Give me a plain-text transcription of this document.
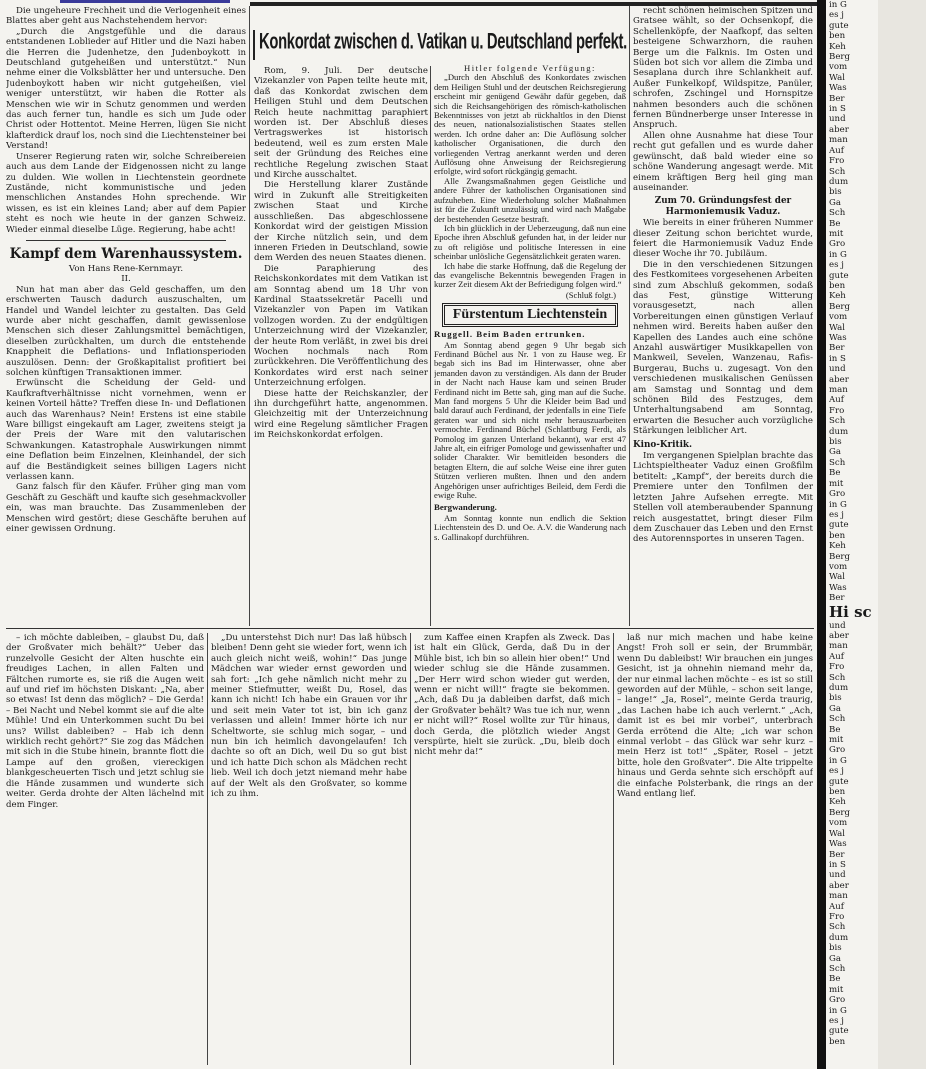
Konkordat zwischen d. Vatikan u. Deutschland perfekt.

Die ungeheure Frechheit und die Verlogenheit eines Blattes aber geht aus Nachstehendem hervor:

„Durch die Angstgefühle und die daraus entstandenen Loblieder auf Hitler und die Nazi haben die Herren die Judenhetze, den Judenboykott in Deutschland gutgeheißen und unterstützt.“ Nun nehme einer die Volksblätter her und untersuche. Den Judenboykott haben wir nicht gutgeheißen, viel weniger unterstützt, wir haben die Rotter als Menschen wie wir in Schutz genommen und werden das auch ferner tun, handle es sich um Jude oder Christ oder Hottentot. Meine Herren, lügen Sie nicht klafterdick drauf los, noch sind die Liechtensteiner bei Verstand!

Unserer Regierung raten wir, solche Schreibereien auch aus dem Lande der Eidgenossen nicht zu lange zu dulden. Wie wollen in Liechtenstein geordnete Zustände, nicht kommunistische und jeden menschlichen Anstandes Hohn sprechende. Wir wissen, es ist ein kleines Land; aber auf dem Papier steht es noch wie heute in der ganzen Schweiz. Wieder einmal dieselbe Lüge. Regierung, habe acht!

Kampf dem Warenhaussystem.
Von Hans Rene-Kernmayr.
II.

Nun hat man aber das Geld geschaffen, um den erschwerten Tausch dadurch auszuschalten, um Handel und Wandel leichter zu gestalten. Das Geld wurde aber nicht geschaffen, damit gewissenlose Menschen sich dieser Zahlungsmittel bemächtigen, dieselben zurückhalten, um durch die entstehende Knappheit die Deflations- und Inflationsperioden auszulösen. Denn: der Großkapitalist profitiert bei solchen künftigen Transaktionen immer.

Erwünscht die Scheidung der Geld- und Kaufkraftverhältnisse nicht vornehmen, wenn er keinen Vorteil hätte? Treffen diese In- und Deflationen auch das Warenhaus? Nein! Erstens ist eine stabile Ware billigst eingekauft am Lager, zweitens steigt ja der Preis der Ware mit den valutarischen Schwankungen. Katastrophale Auswirkungen nimmt eine Deflation beim Einzelnen, Kleinhandel, der sich auf die Beständigkeit seines billigen Lagers nicht verlassen kann.

Ganz falsch für den Käufer. Früher ging man vom Geschäft zu Geschäft und kaufte sich gesehmackvoller ein, was man brauchte. Das Zusammenleben der Menschen wird gestört; diese Geschäfte beruhen auf einer gewissen Ordnung.

Rom, 9. Juli. Der deutsche Vizekanzler von Papen teilte heute mit, daß das Konkordat zwischen dem Heiligen Stuhl und dem Deutschen Reich heute nachmittag paraphiert worden ist. Der Abschluß dieses Vertragswerkes ist historisch bedeutend, weil es zum ersten Male seit der Gründung des Reiches eine rechtliche Regelung zwischen Staat und Kirche ausschaltet.

Die Herstellung klarer Zustände wird in Zukunft alle Streitigkeiten zwischen Staat und Kirche ausschließen. Das abgeschlossene Konkordat wird der geistigen Mission der Kirche nützlich sein, und dem inneren Frieden in Deutschland, sowie dem Werden des neuen Staates dienen.

Die Paraphierung des Reichskonkordates mit dem Vatikan ist am Sonntag abend um 18 Uhr von Kardinal Staatssekretär Pacelli und Vizekanzler von Papen im Vatikan vollzogen worden. Zu der endgültigen Unterzeichnung wird der Vizekanzler, der heute Rom verläßt, in zwei bis drei Wochen nochmals nach Rom zurückkehren. Die Veröffentlichung des Konkordates wird erst nach seiner Unterzeichnung erfolgen.

Diese hatte der Reichskanzler, der ihn durchgeführt hatte, angenommen. Gleichzeitig mit der Unterzeichnung wird eine Regelung sämtlicher Fragen im Reichskonkordat erfolgen.

Hitler folgende Verfügung:

„Durch den Abschluß des Konkordates zwischen dem Heiligen Stuhl und der deutschen Reichsregierung erscheint mir genügend Gewähr dafür gegeben, daß sich die Reichsangehörigen des römisch-katholischen Bekenntnisses von jetzt ab rückhaltlos in den Dienst des neuen, nationalsozialistischen Staates stellen werden. Ich ordne daher an: Die Auflösung solcher katholischer Organisationen, die durch den vorliegenden Vertrag anerkannt werden und deren Auflösung ohne Anweisung der Reichsregierung erfolgte, wird sofort rückgängig gemacht.

Alle Zwangsmaßnahmen gegen Geistliche und andere Führer der katholischen Organisationen sind aufzuheben. Eine Wiederholung solcher Maßnahmen ist für die Zukunft unzulässig und wird nach Maßgabe der bestehenden Gesetze bestraft.

Ich bin glücklich in der Ueberzeugung, daß nun eine Epoche ihren Abschluß gefunden hat, in der leider nur zu oft religiöse und politische Interessen in eine scheinbar unlösliche Gegensätzlichkeit geraten waren.

Ich habe die starke Hoffnung, daß die Regelung der das evangelische Bekenntnis bewegenden Fragen in kurzer Zeit diesem Akt der Befriedigung folgen wird.“

(Schluß folgt.)
Fürstentum Liechtenstein
Ruggell. Beim Baden ertrunken.

Am Sonntag abend gegen 9 Uhr begab sich Ferdinand Büchel aus Nr. 1 von zu Hause weg. Er begab sich ins Bad im Hinterwasser, ohne aber jemanden davon zu verständigen. Als dann der Bruder in der Nacht nach Hause kam und seinen Bruder Ferdinand nicht im Bette sah, ging man auf die Suche. Man fand morgens 5 Uhr die Kleider beim Bad und bald darauf auch Ferdinand, der jedenfalls in eine Tiefe geraten war und sich nicht mehr herauszuarbeiten vermochte. Ferdinand Büchel (Schlattburg Ferdi, als Pomolog im ganzen Unterland bekannt), war erst 47 Jahre alt, ein eifriger Pomologe und gewissenhafter und solider Charakter. Wir bemitleiden besonders die betagten Eltern, die auf solche Weise eine ihrer guten Stützen verlieren mußten. Ihnen und den andern Angehörigen unser aufrichtiges Beileid, dem Ferdi die ewige Ruhe.

Bergwanderung.

Am Sonntag konnte nun endlich die Sektion Liechtenstein des D. und Oe. A.V. die Wanderung nach s. Gallinakopf durchführen.

recht schönen heimischen Spitzen und Gratsee wählt, so der Ochsenkopf, die Schellenköpfe, der Naafkopf, das selten besteigene Schwarzhorn, die rauhen Berge um die Falknis. Im Osten und Süden bot sich vor allem die Zimba und Sesaplana durch ihre Schlankheit auf. Außer Funkelkopf, Wildspitze, Panüler, schrofen, Zschingel und Hornspitze nahmen besonders auch die schönen fernen Bündnerberge unser Interesse in Anspruch.

Allen ohne Ausnahme hat diese Tour recht gut gefallen und es wurde daher gewünscht, daß bald wieder eine so schöne Wanderung angesagt werde. Mit einem kräftigen Berg heil ging man auseinander.

Zum 70. Gründungsfest der Harmoniemusik Vaduz.

Wie bereits in einer früheren Nummer dieser Zeitung schon berichtet wurde, feiert die Harmoniemusik Vaduz Ende dieser Woche ihr 70. Jubiläum.

Die in den verschiedenen Sitzungen des Festkomitees vorgesehenen Arbeiten sind zum Abschluß gekommen, sodaß das Fest, günstige Witterung vorausgesetzt, nach allen Vorbereitungen einen günstigen Verlauf nehmen wird. Bereits haben außer den Kapellen des Landes auch eine schöne Anzahl auswärtiger Musikkapellen von Mankweil, Sevelen, Wanzenau, Rafis-Burgerau, Buchs u. zugesagt. Von den verschiedenen musikalischen Genüssen am Samstag und Sonntag und dem schönen Bild des Festzuges, dem Unterhaltungsabend am Sonntag, erwarten die Besucher auch vorzügliche Stärkungen leiblicher Art.

Kino-Kritik.

Im vergangenen Spielplan brachte das Lichtspieltheater Vaduz einen Großfilm betitelt: „Kampf“, der bereits durch die Premiere unter den Tonfilmen der letzten Jahre Aufsehen erregte. Mit Stellen voll atemberaubender Spannung reich ausgestattet, bringt dieser Film dem Zuschauer das Leben und den Ernst des Autorennsportes in unseren Tagen.

– ich möchte dableiben, – glaubst Du, daß der Großvater mich behält?“ Ueber das runzelvolle Gesicht der Alten huschte ein freudiges Lachen, in allen Falten und Fältchen rumorte es, sie riß die Augen weit auf und rief im höchsten Diskant: „Na, aber so etwas! Ist denn das möglich? – Die Gerda! – Bei Nacht und Nebel kommt sie auf die alte Mühle! Und ein Unterkommen sucht Du bei uns? Willst dableiben? – Hab ich denn wirklich recht gehört?“ Sie zog das Mädchen mit sich in die Stube hinein, brannte flott die Lampe auf den großen, viereckigen blankgescheuerten Tisch und jetzt schlug sie die Hände zusammen und wunderte sich weiter. Gerda drohte der Alten lächelnd mit dem Finger.

„Du unterstehst Dich nur! Das laß hübsch bleiben! Denn geht sie wieder fort, wenn ich auch gleich nicht weiß, wohin!“ Das junge Mädchen war wieder ernst geworden und sah fort: „Ich gehe nämlich nicht mehr zu meiner Stiefmutter, weißt Du, Rosel, das kann ich nicht! Ich habe ein Grauen vor ihr und seit mein Vater tot ist, bin ich ganz verlassen und allein! Immer hörte ich nur Scheltworte, sie schlug mich sogar, – und nun bin ich heimlich davongelaufen! Ich dachte so oft an Dich, weil Du so gut bist und ich hatte Dich schon als Mädchen recht lieb. Weil ich doch jetzt niemand mehr habe auf der Welt als den Großvater, so komme ich zu ihm.

zum Kaffee einen Krapfen als Zweck. Das ist halt ein Glück, Gerda, daß Du in der Mühle bist, ich bin so allein hier oben!“ Und wieder schlug sie die Hände zusammen. „Der Herr wird schon wieder gut werden, wenn er nicht will!“ fragte sie bekommen. „Ach, daß Du ja dableiben darfst, daß mich der Großvater behält? Was tue ich nur, wenn er nicht will?“ Rosel wollte zur Tür hinaus, doch Gerda, die plötzlich wieder Angst verspürte, hielt sie zurück. „Du, bleib doch nicht mehr da!“

laß nur mich machen und habe keine Angst! Froh soll er sein, der Brummbär, wenn Du dableibst! Wir brauchen ein junges Gesicht, ist ja ohnehin niemand mehr da, der nur einmal lachen möchte – es ist so still geworden auf der Mühle, – schon seit lange, – lange!“ „Ja, Rosel“, meinte Gerda traurig, „das Lachen habe ich auch verlernt.“ „Ach, damit ist es bei mir vorbei“, unterbrach Gerda errötend die Alte; „ich war schon einmal verlobt – das Glück war sehr kurz – mein Herz ist tot!“ „Später, Rosel – jetzt bitte, hole den Großvater“. Die Alte trippelte hinaus und Gerda sehnte sich erschöpft auf die einfache Polsterbank, die rings an der Wand entlang lief.

in G
es j
gute
ben
Keh
Berg
vom
Wal
Was
Ber
in S
und
aber
man
Auf
Fro
Sch
dum
bis
Ga
Sch
Be
mit
Gro
in G
es j
gute
ben
Keh
Berg
vom
Wal
Was
Ber
in S
und
aber
man
Auf
Fro
Sch
dum
bis
Ga
Sch
Be
mit
Gro
in G
es j
gute
ben
Keh
Berg
vom
Wal
Was
Ber
Hi sc
und
aber
man
Auf
Fro
Sch
dum
bis
Ga
Sch
Be
mit
Gro
in G
es j
gute
ben
Keh
Berg
vom
Wal
Was
Ber
in S
und
aber
man
Auf
Fro
Sch
dum
bis
Ga
Sch
Be
mit
Gro
in G
es j
gute
ben
